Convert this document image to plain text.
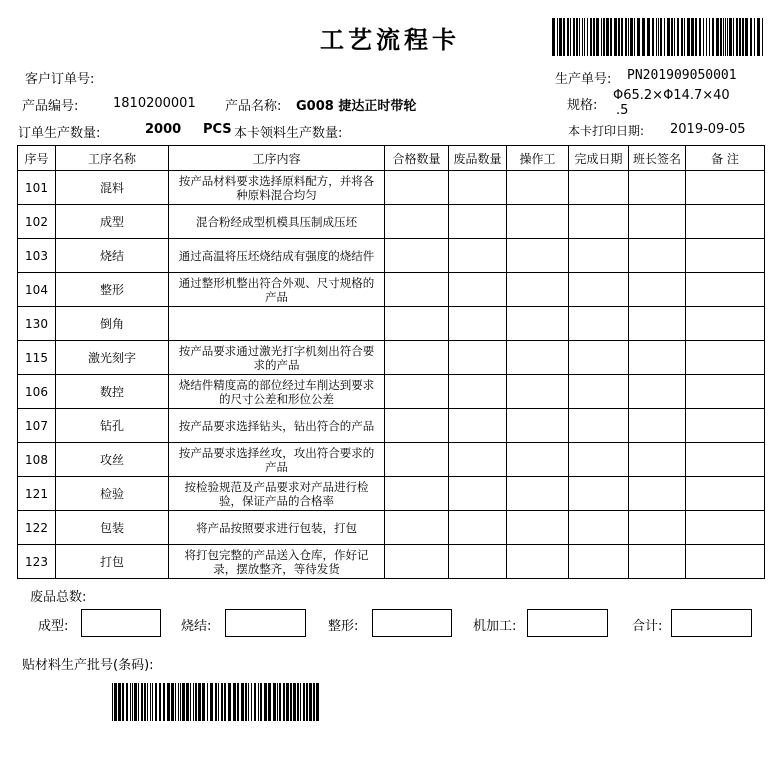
工艺流程卡
客户订单号:	生产单号: PN201909050001
产品编号:	1810200001 产品名称: G008 捷达正时带轮	规格:
Φ65.2×Φ14.7×40
.5
订单生产数量:	2000 PCS 本卡领料生产数量:	本卡打印日期: 2019-09-05
序号	工序名称	工序内容	合格数量	废品数量	操作工	完成日期	班长签名	备 注
101	混料	按产品材料要求选择原料配方，并将各种原料混合均匀						
102	成型	混合粉经成型机模具压制成压坯						
103	烧结	通过高温将压坯烧结成有强度的烧结件						
104	整形	通过整形机整出符合外观、尺寸规格的产品						
130	倒角							
115	激光刻字	按产品要求通过激光打字机刻出符合要求的产品						
106	数控	烧结件精度高的部位经过车削达到要求的尺寸公差和形位公差						
107	钻孔	按产品要求选择钻头，钻出符合的产品						
108	攻丝	按产品要求选择丝攻，攻出符合要求的产品						
121	检验	按检验规范及产品要求对产品进行检验，保证产品的合格率						
122	包装	将产品按照要求进行包装，打包						
123	打包	将打包完整的产品送入仓库，作好记录，摆放整齐，等待发货						
废品总数:
成型:	烧结:	整形:	机加工:	合计:
贴材料生产批号(条码):
